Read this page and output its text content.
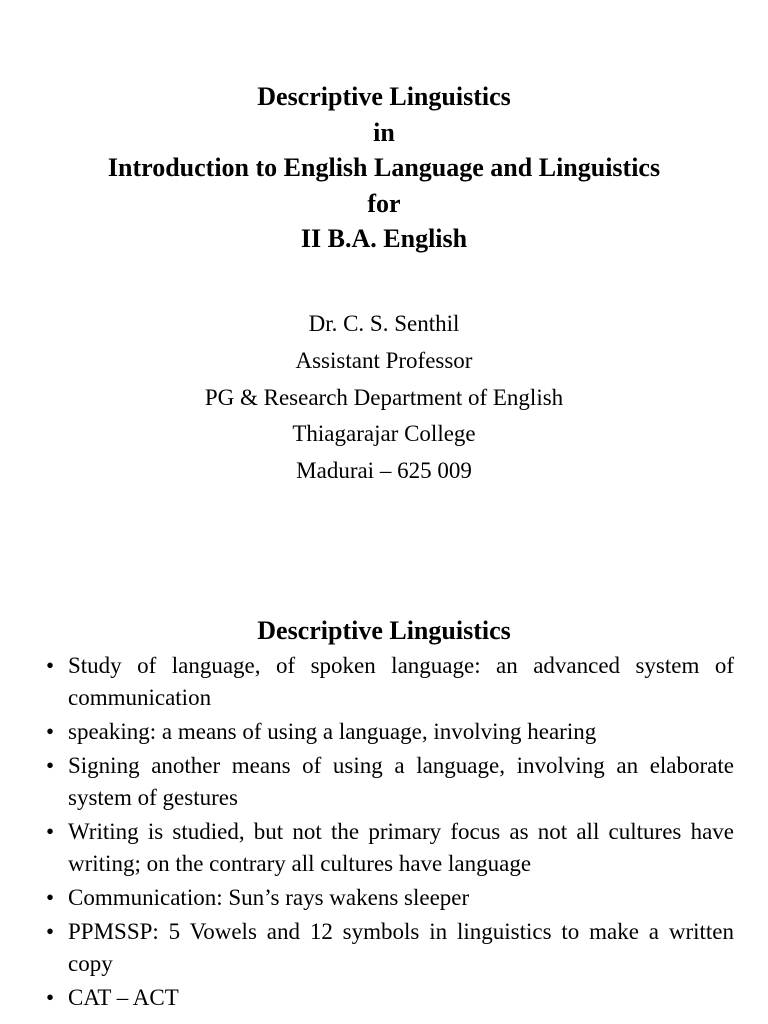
Descriptive Linguistics
in
Introduction to English Language and Linguistics
for
II B.A. English
Dr. C. S. Senthil
Assistant Professor
PG & Research Department of English
Thiagarajar College
Madurai – 625 009
Descriptive Linguistics
• Study of language, of spoken language: an advanced system of communication
• speaking: a means of using a language, involving hearing
• Signing another means of using a language, involving an elaborate system of gestures
• Writing is studied, but not the primary focus as not all cultures have writing; on the contrary all cultures have language
• Communication: Sun’s rays wakens sleeper
• PPMSSP: 5 Vowels and 12 symbols in linguistics to make a written copy
• CAT – ACT
